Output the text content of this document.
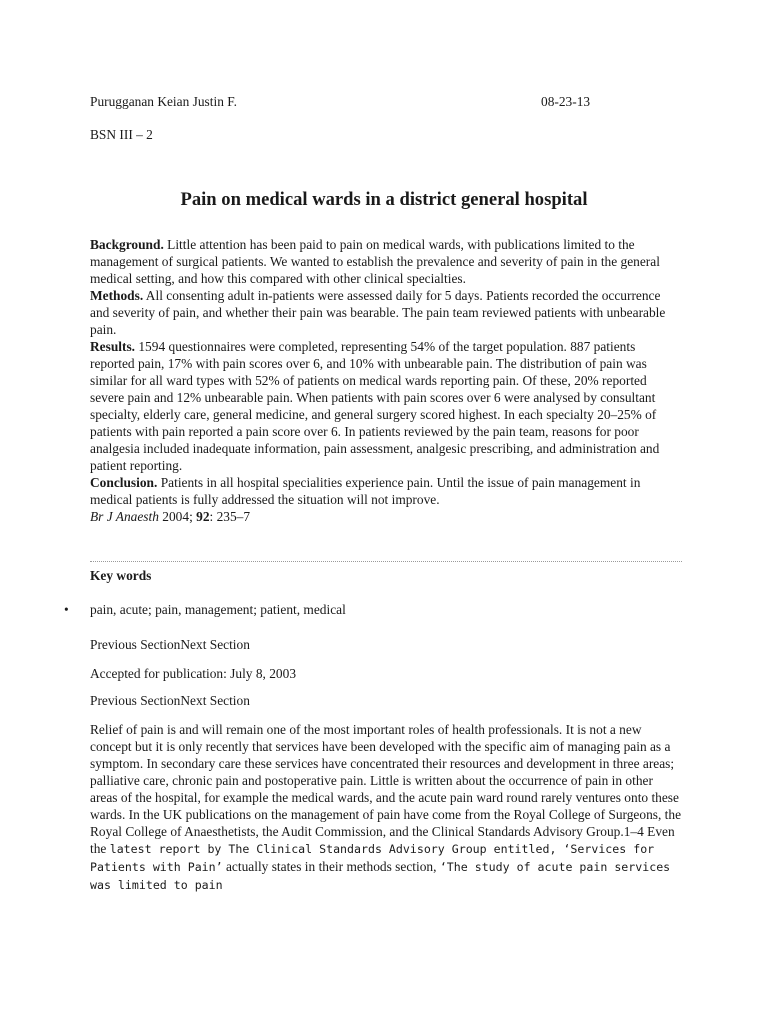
Purugganan Keian Justin F.	08-23-13
BSN III – 2
Pain on medical wards in a district general hospital

Background. Little attention has been paid to pain on medical wards, with publications limited to the management of surgical patients. We wanted to establish the prevalence and severity of pain in the general medical setting, and how this compared with other clinical specialties.

Methods. All consenting adult in-patients were assessed daily for 5 days. Patients recorded the occurrence and severity of pain, and whether their pain was bearable. The pain team reviewed patients with unbearable pain.

Results. 1594 questionnaires were completed, representing 54% of the target population. 887 patients reported pain, 17% with pain scores over 6, and 10% with unbearable pain. The distribution of pain was similar for all ward types with 52% of patients on medical wards reporting pain. Of these, 20% reported severe pain and 12% unbearable pain. When patients with pain scores over 6 were analysed by consultant specialty, elderly care, general medicine, and general surgery scored highest. In each specialty 20–25% of patients with pain reported a pain score over 6. In patients reviewed by the pain team, reasons for poor analgesia included inadequate information, pain assessment, analgesic prescribing, and administration and patient reporting.

Conclusion. Patients in all hospital specialities experience pain. Until the issue of pain management in medical patients is fully addressed the situation will not improve.

Br J Anaesth 2004; 92: 235–7

Key words
• pain, acute; pain, management; patient, medical
Previous SectionNext Section
Accepted for publication: July 8, 2003
Previous SectionNext Section

Relief of pain is and will remain one of the most important roles of health professionals. It is not a new concept but it is only recently that services have been developed with the specific aim of managing pain as a symptom. In secondary care these services have concentrated their resources and development in three areas; palliative care, chronic pain and postoperative pain. Little is written about the occurrence of pain in other areas of the hospital, for example the medical wards, and the acute pain ward round rarely ventures onto these wards. In the UK publications on the management of pain have come from the Royal College of Surgeons, the Royal College of Anaesthetists, the Audit Commission, and the Clinical Standards Advisory Group.1–4 Even the latest report by The Clinical Standards Advisory Group entitled, ‘Services for Patients with Pain’ actually states in their methods section, ‘The study of acute pain services was limited to pain
